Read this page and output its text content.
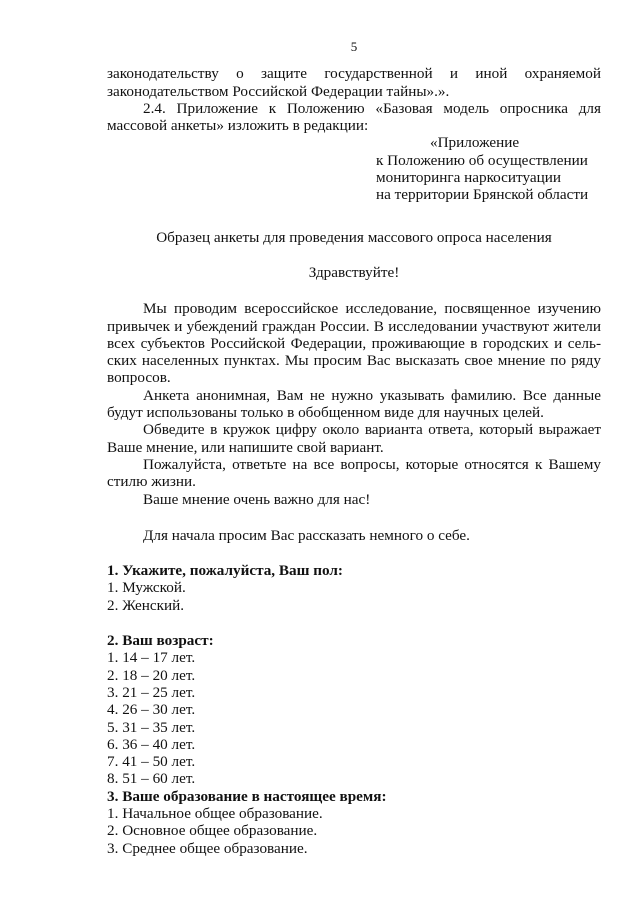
5

законодательству о защите государственной и иной охраняемой

законодательством Российской Федерации тайны».».

2.4. Приложение к Положению «Базовая модель опросника для

массовой анкеты» изложить в редакции:

«Приложение

к Положению об осуществлении

мониторинга наркоситуации

на территории Брянской области

Образец анкеты для проведения массового опроса населения

Здравствуйте!

Мы проводим всероссийское исследование, посвященное изучению привычек и убеждений граждан России. В исследовании участвуют жители всех субъектов Российской Федерации, проживающие в городских и сельских населенных пунктах. Мы просим Вас высказать свое мнение по ряду вопросов.

Анкета анонимная, Вам не нужно указывать фамилию. Все данные будут использованы только в обобщенном виде для научных целей.

Обведите в кружок цифру около варианта ответа, который выражает Ваше мнение, или напишите свой вариант.

Пожалуйста, ответьте на все вопросы, которые относятся к Вашему стилю жизни.

Ваше мнение очень важно для нас!

Для начала просим Вас рассказать немного о себе.

1. Укажите, пожалуйста, Ваш пол:

1. Мужской.

2. Женский.

2. Ваш возраст:

1. 14 – 17 лет.

2. 18 – 20 лет.

3. 21 – 25 лет.

4. 26 – 30 лет.

5. 31 – 35 лет.

6. 36 – 40 лет.

7. 41 – 50 лет.

8. 51 – 60 лет.

3. Ваше образование в настоящее время:

1. Начальное общее образование.

2. Основное общее образование.

3. Среднее общее образование.
